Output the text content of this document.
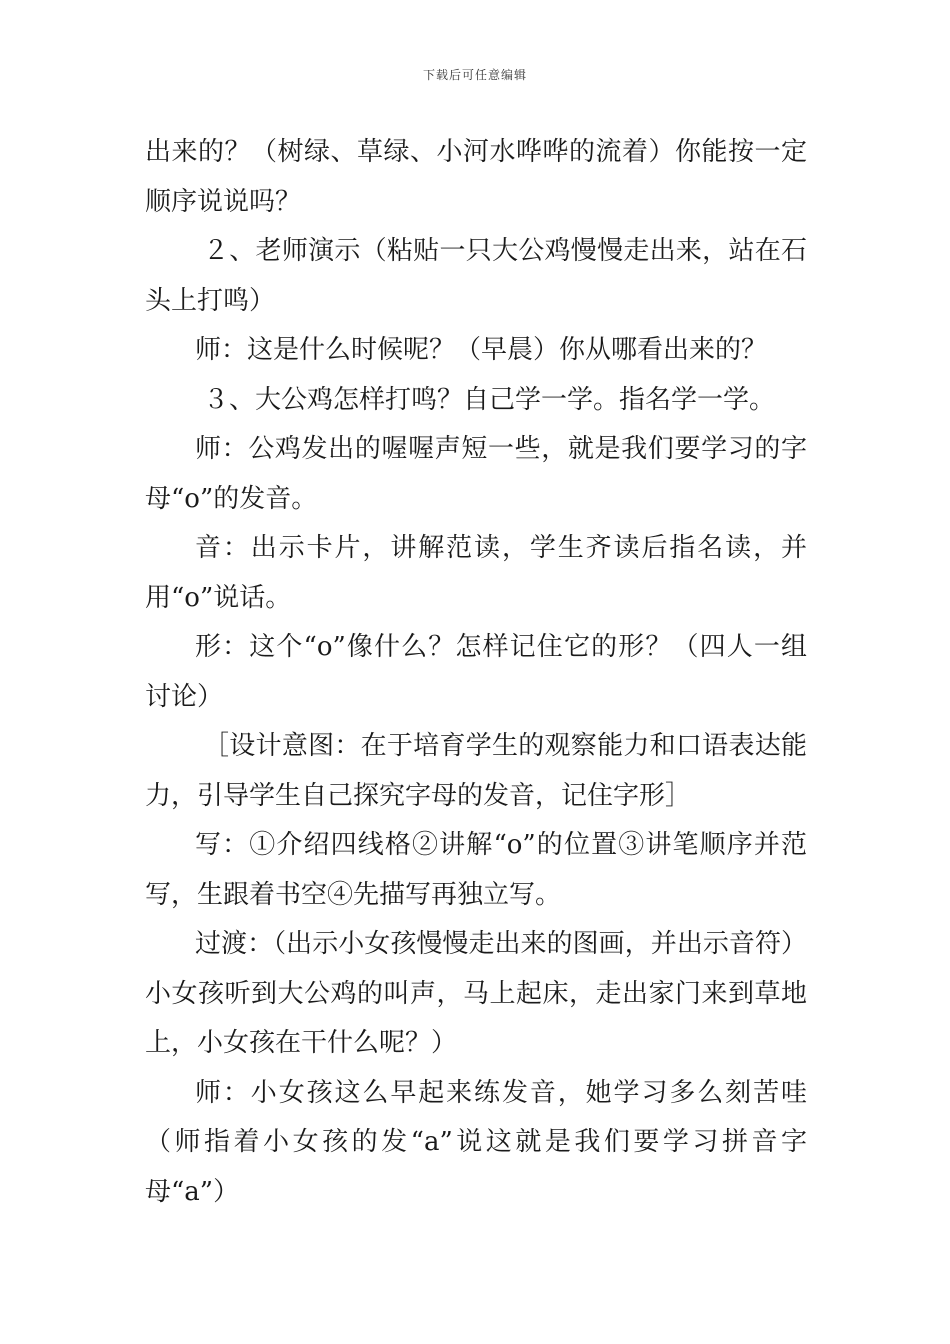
下载后可任意编辑

出来的？（树绿、草绿、小河水哗哗的流着）你能按一定顺序说说吗？

２、老师演示（粘贴一只大公鸡慢慢走出来，站在石头上打鸣）

师：这是什么时候呢？（早晨）你从哪看出来的？

３、大公鸡怎样打鸣？自己学一学。指名学一学。

师：公鸡发出的喔喔声短一些，就是我们要学习的字母“o”的发音。

音：出示卡片，讲解范读，学生齐读后指名读，并用“o”说话。

形：这个“o”像什么？怎样记住它的形？（四人一组讨论）

［设计意图：在于培育学生的观察能力和口语表达能力，引导学生自己探究字母的发音，记住字形］

写：①介绍四线格②讲解“o”的位置③讲笔顺序并范写，生跟着书空④先描写再独立写。

过渡：（出示小女孩慢慢走出来的图画，并出示音符）小女孩听到大公鸡的叫声，马上起床，走出家门来到草地上，小女孩在干什么呢？）

师：小女孩这么早起来练发音，她学习多么刻苦哇（师指着小女孩的发“a”说这就是我们要学习拼音字母“a”）
